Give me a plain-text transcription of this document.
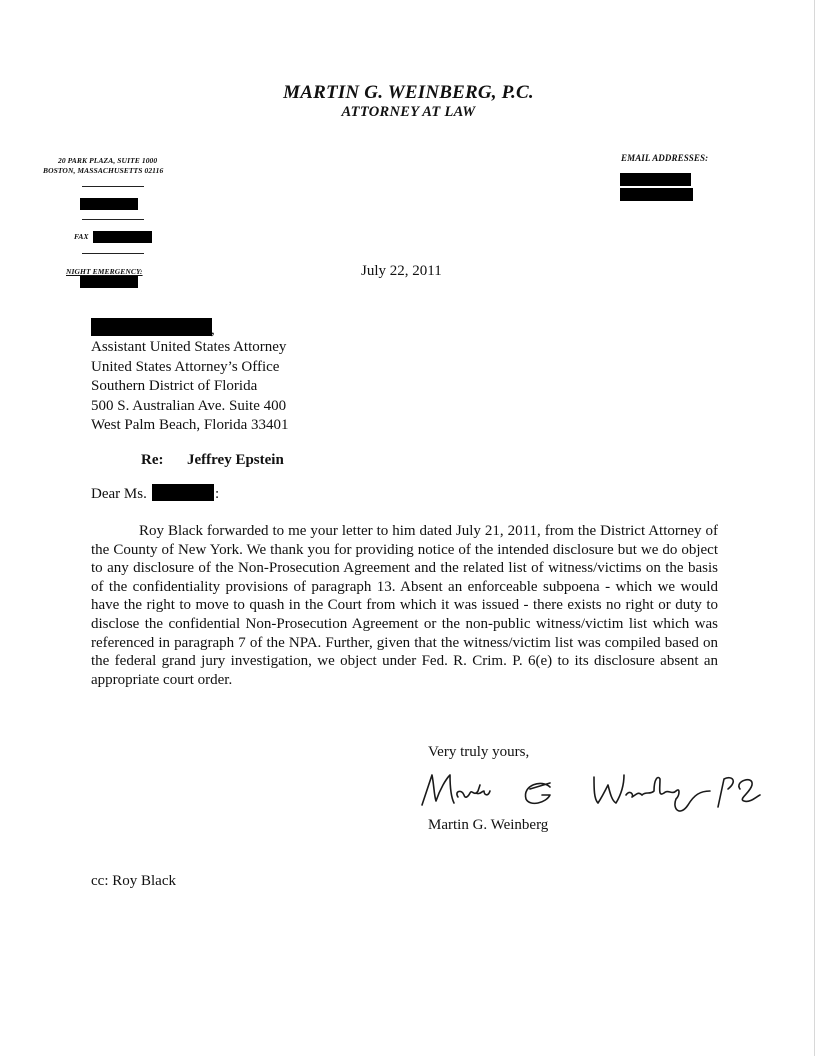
MARTIN G. WEINBERG, P.C.
ATTORNEY AT LAW
20 PARK PLAZA, SUITE 1000
BOSTON, MASSACHUSETTS 02116
EMAIL ADDRESSES:
FAX
NIGHT EMERGENCY:	July 22, 2011
,
Assistant United States Attorney
United States Attorney’s Office
Southern District of Florida
500 S. Australian Ave. Suite 400
West Palm Beach, Florida 33401
Re: Jeffrey Epstein
Dear Ms.	:

Roy Black forwarded to me your letter to him dated July 21, 2011, from the District Attorney of the County of New York. We thank you for providing notice of the intended disclosure but we do object to any disclosure of the Non-Prosecution Agreement and the related list of witness/victims on the basis of the confidentiality provisions of paragraph 13. Absent an enforceable subpoena - which we would have the right to move to quash in the Court from which it was issued - there exists no right or duty to disclose the confidential Non-Prosecution Agreement or the non-public witness/victim list which was referenced in paragraph 7 of the NPA. Further, given that the witness/victim list was compiled based on the federal grand jury investigation, we object under Fed. R. Crim. P. 6(e) to its disclosure absent an appropriate court order.

Very truly yours,
Martin G. Weinberg
cc: Roy Black
